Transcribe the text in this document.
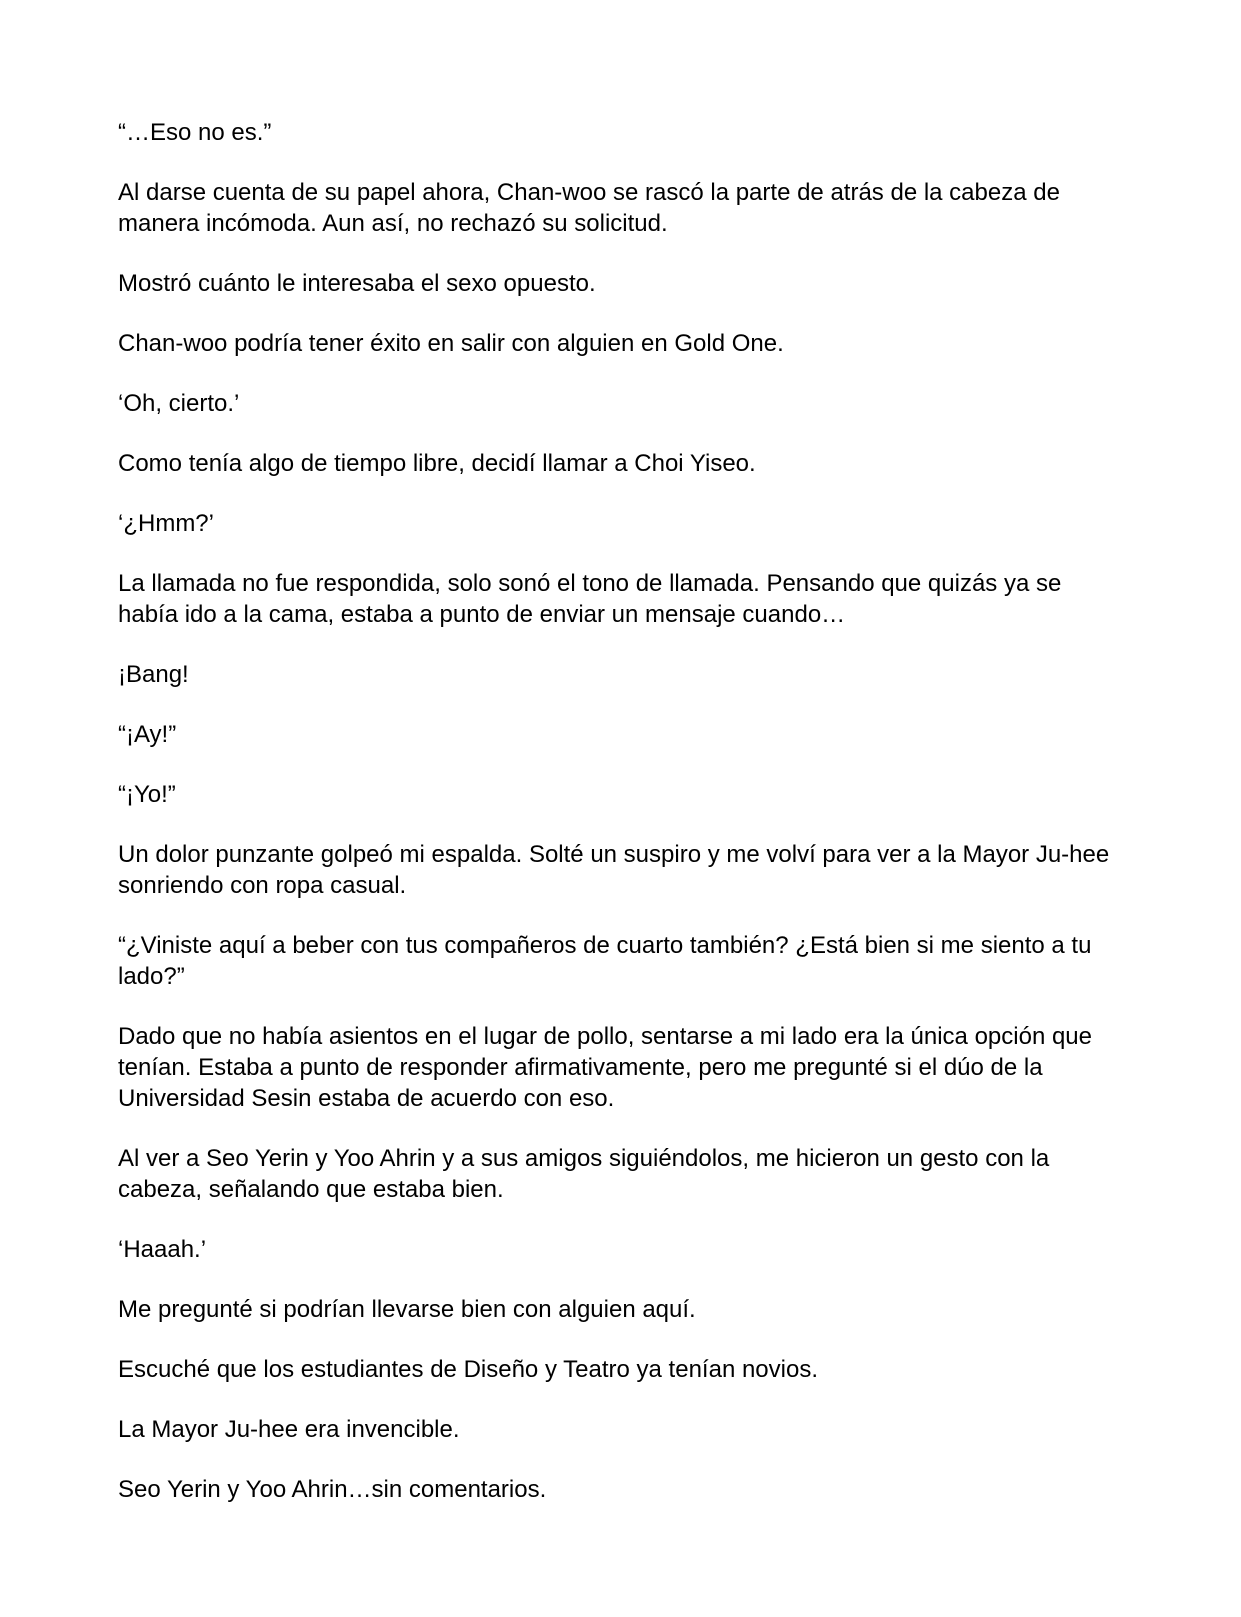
“…Eso no es.”

Al darse cuenta de su papel ahora, Chan-woo se rascó la parte de atrás de la cabeza de manera incómoda. Aun así, no rechazó su solicitud.

Mostró cuánto le interesaba el sexo opuesto.

Chan-woo podría tener éxito en salir con alguien en Gold One.

‘Oh, cierto.’

Como tenía algo de tiempo libre, decidí llamar a Choi Yiseo.

‘¿Hmm?’

La llamada no fue respondida, solo sonó el tono de llamada. Pensando que quizás ya se había ido a la cama, estaba a punto de enviar un mensaje cuando…

¡Bang!

“¡Ay!”

“¡Yo!”

Un dolor punzante golpeó mi espalda. Solté un suspiro y me volví para ver a la Mayor Ju-hee sonriendo con ropa casual.

“¿Viniste aquí a beber con tus compañeros de cuarto también? ¿Está bien si me siento a tu lado?”

Dado que no había asientos en el lugar de pollo, sentarse a mi lado era la única opción que tenían. Estaba a punto de responder afirmativamente, pero me pregunté si el dúo de la Universidad Sesin estaba de acuerdo con eso.

Al ver a Seo Yerin y Yoo Ahrin y a sus amigos siguiéndolos, me hicieron un gesto con la cabeza, señalando que estaba bien.

‘Haaah.’

Me pregunté si podrían llevarse bien con alguien aquí.

Escuché que los estudiantes de Diseño y Teatro ya tenían novios.

La Mayor Ju-hee era invencible.

Seo Yerin y Yoo Ahrin…sin comentarios.
